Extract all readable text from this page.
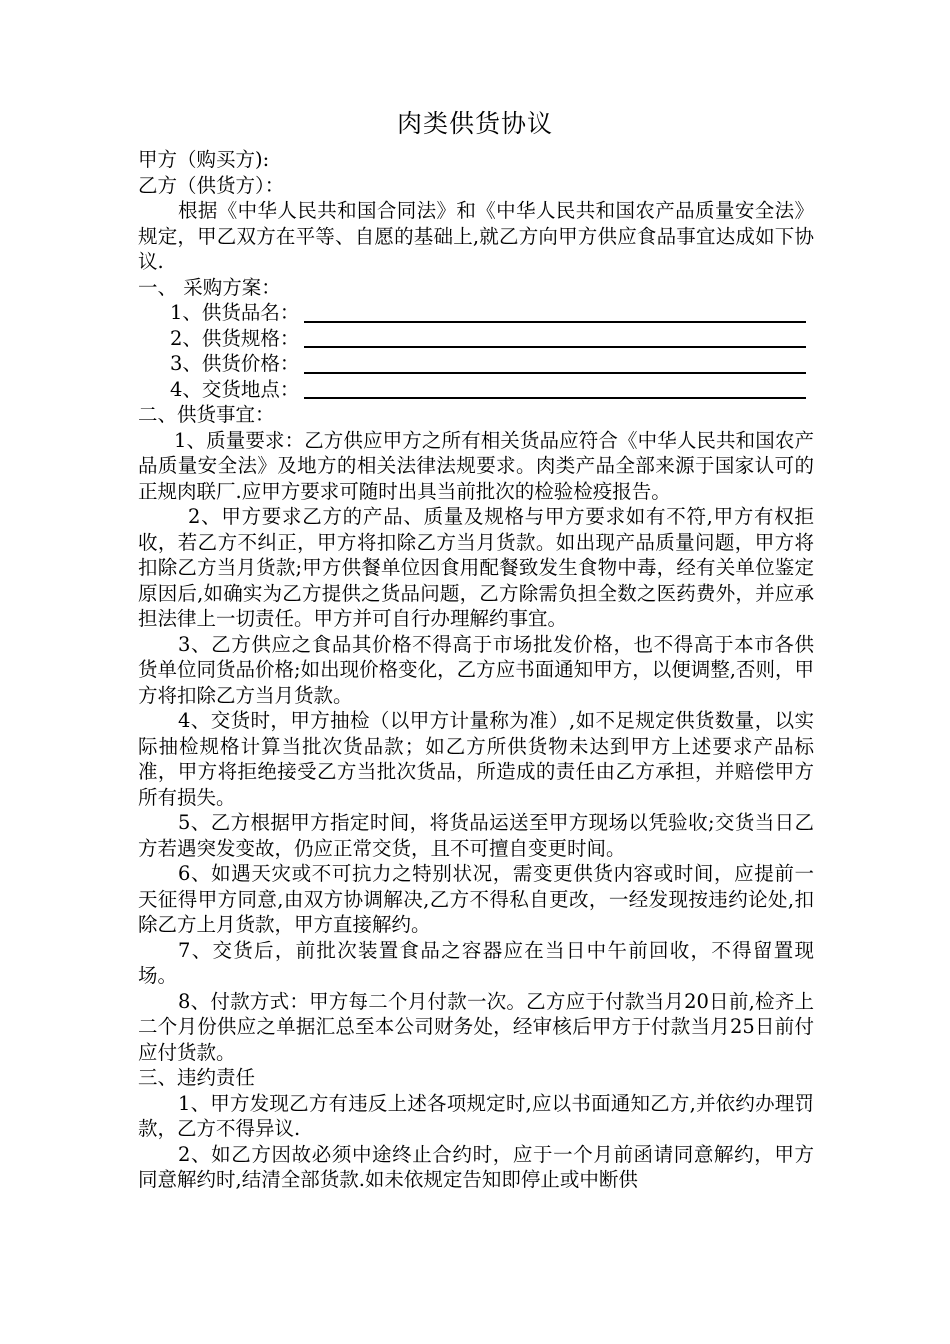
肉类供货协议
甲方（购买方):
乙方（供货方）：
根据《中华人民共和国合同法》和《中华人民共和国农产品质量安全法》规定，甲乙双方在平等、自愿的基础上,就乙方向甲方供应食品事宜达成如下协议.
一、 采购方案：
1、供货品名：
2、供货规格：
3、供货价格：
4、交货地点：
二、供货事宜：
1、质量要求：乙方供应甲方之所有相关货品应符合《中华人民共和国农产品质量安全法》及地方的相关法律法规要求。肉类产品全部来源于国家认可的正规肉联厂.应甲方要求可随时出具当前批次的检验检疫报告。
2、甲方要求乙方的产品、质量及规格与甲方要求如有不符,甲方有权拒收，若乙方不纠正，甲方将扣除乙方当月货款。如出现产品质量问题，甲方将扣除乙方当月货款;甲方供餐单位因食用配餐致发生食物中毒，经有关单位鉴定原因后,如确实为乙方提供之货品问题，乙方除需负担全数之医药费外，并应承担法律上一切责任。甲方并可自行办理解约事宜。
3、乙方供应之食品其价格不得高于市场批发价格，也不得高于本市各供货单位同货品价格;如出现价格变化，乙方应书面通知甲方，以便调整,否则，甲方将扣除乙方当月货款。
4、交货时，甲方抽检（以甲方计量称为准）,如不足规定供货数量，以实际抽检规格计算当批次货品款；如乙方所供货物未达到甲方上述要求产品标准，甲方将拒绝接受乙方当批次货品，所造成的责任由乙方承担，并赔偿甲方所有损失。
5、乙方根据甲方指定时间，将货品运送至甲方现场以凭验收;交货当日乙方若遇突发变故，仍应正常交货，且不可擅自变更时间。
6、如遇天灾或不可抗力之特别状况，需变更供货内容或时间，应提前一天征得甲方同意,由双方协调解决,乙方不得私自更改，一经发现按违约论处,扣除乙方上月货款，甲方直接解约。
7、交货后，前批次装置食品之容器应在当日中午前回收，不得留置现场。
8、付款方式：甲方每二个月付款一次。乙方应于付款当月20日前,检齐上二个月份供应之单据汇总至本公司财务处，经审核后甲方于付款当月25日前付应付货款。
三、违约责任
1、甲方发现乙方有违反上述各项规定时,应以书面通知乙方,并依约办理罚款，乙方不得异议.
2、如乙方因故必须中途终止合约时，应于一个月前函请同意解约，甲方同意解约时,结清全部货款.如未依规定告知即停止或中断供
